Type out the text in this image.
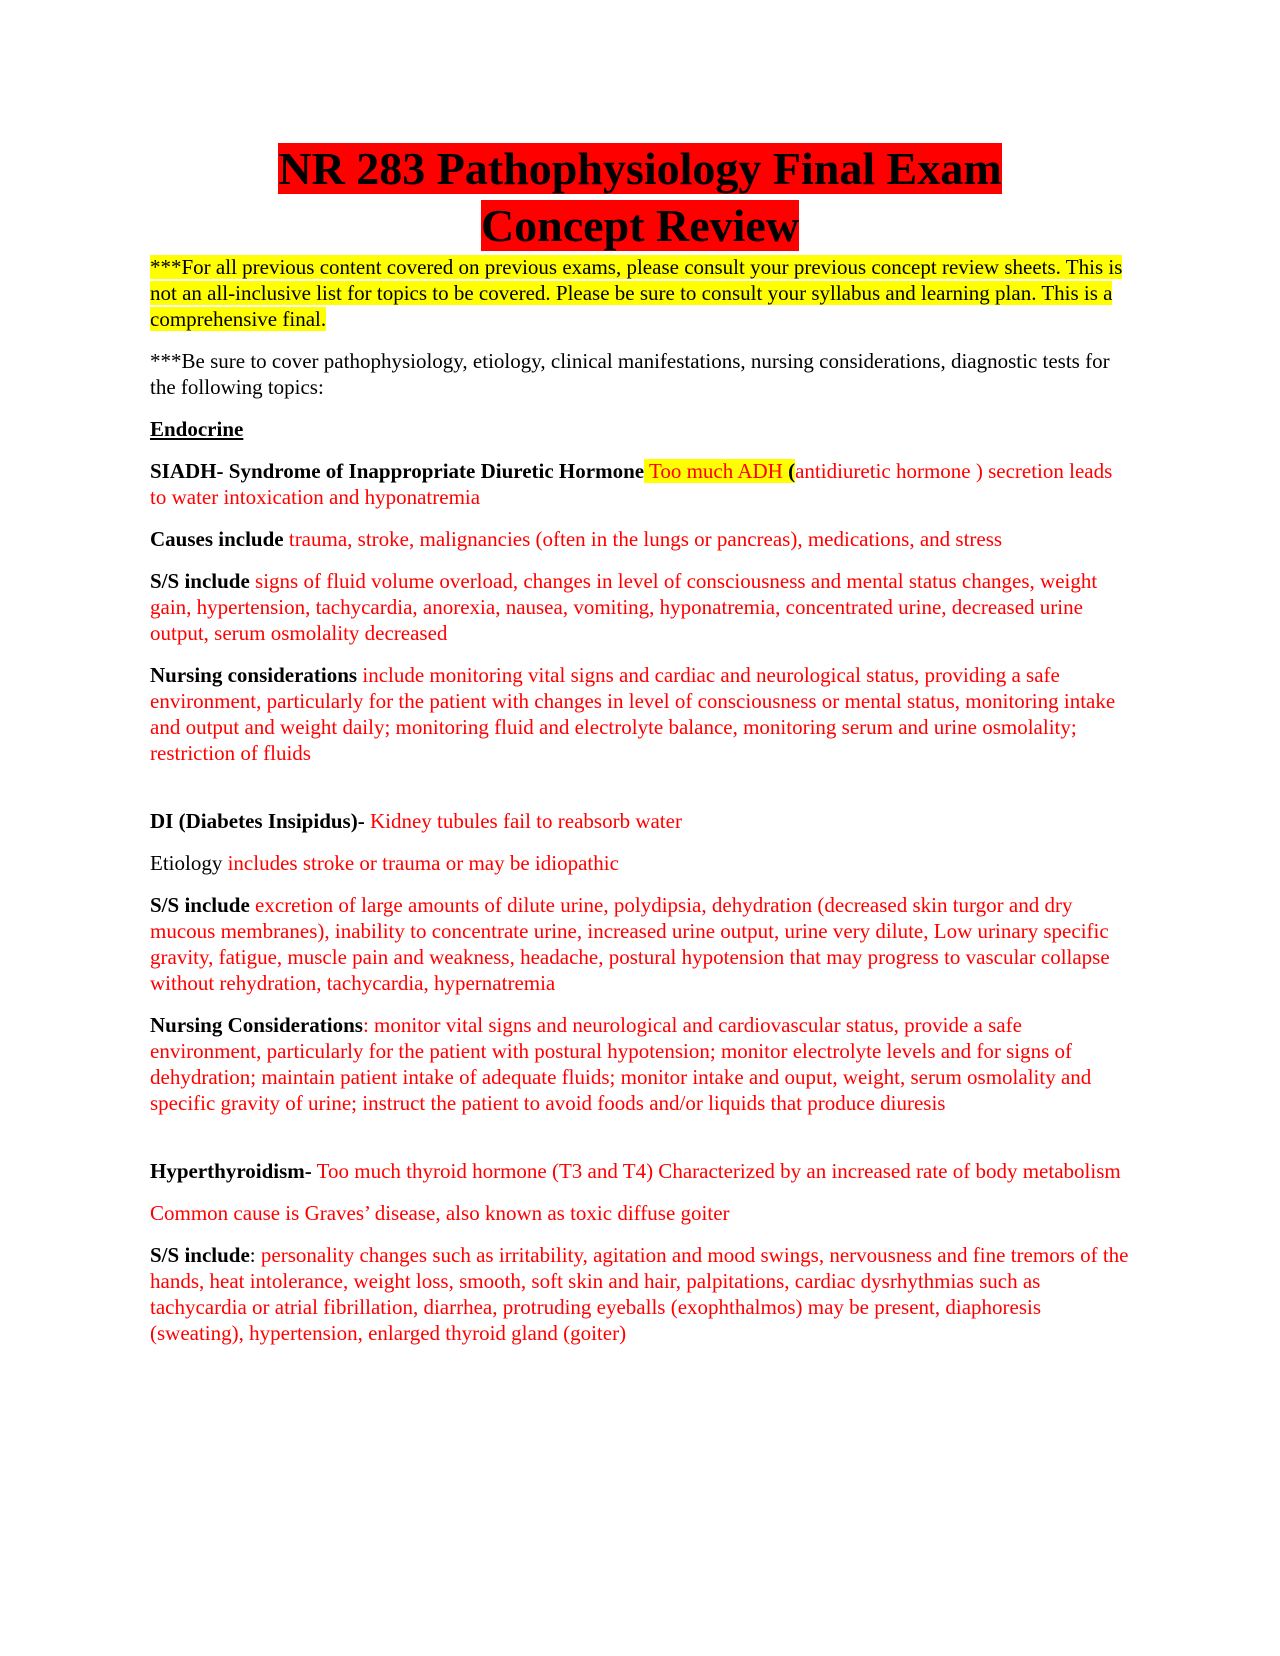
NR 283 Pathophysiology Final Exam
Concept Review

***For all previous content covered on previous exams, please consult your previous concept review sheets. This is not an all-inclusive list for topics to be covered. Please be sure to consult your syllabus and learning plan. This is a comprehensive final.

***Be sure to cover pathophysiology, etiology, clinical manifestations, nursing considerations, diagnostic tests for the following topics:

Endocrine

SIADH- Syndrome of Inappropriate Diuretic Hormone Too much ADH (antidiuretic hormone ) secretion leads to water intoxication and hyponatremia

Causes include trauma, stroke, malignancies (often in the lungs or pancreas), medications, and stress

S/S include signs of fluid volume overload, changes in level of consciousness and mental status changes, weight gain, hypertension, tachycardia, anorexia, nausea, vomiting, hyponatremia, concentrated urine, decreased urine output, serum osmolality decreased

Nursing considerations include monitoring vital signs and cardiac and neurological status, providing a safe environment, particularly for the patient with changes in level of consciousness or mental status, monitoring intake and output and weight daily; monitoring fluid and electrolyte balance, monitoring serum and urine osmolality; restriction of fluids

DI (Diabetes Insipidus)- Kidney tubules fail to reabsorb water

Etiology includes stroke or trauma or may be idiopathic

S/S include excretion of large amounts of dilute urine, polydipsia, dehydration (decreased skin turgor and dry mucous membranes), inability to concentrate urine, increased urine output, urine very dilute, Low urinary specific gravity, fatigue, muscle pain and weakness, headache, postural hypotension that may progress to vascular collapse without rehydration, tachycardia, hypernatremia

Nursing Considerations: monitor vital signs and neurological and cardiovascular status, provide a safe environment, particularly for the patient with postural hypotension; monitor electrolyte levels and for signs of dehydration; maintain patient intake of adequate fluids; monitor intake and ouput, weight, serum osmolality and specific gravity of urine; instruct the patient to avoid foods and/or liquids that produce diuresis

Hyperthyroidism- Too much thyroid hormone (T3 and T4) Characterized by an increased rate of body metabolism

Common cause is Graves’ disease, also known as toxic diffuse goiter

S/S include: personality changes such as irritability, agitation and mood swings, nervousness and fine tremors of the hands, heat intolerance, weight loss, smooth, soft skin and hair, palpitations, cardiac dysrhythmias such as tachycardia or atrial fibrillation, diarrhea, protruding eyeballs (exophthalmos) may be present, diaphoresis (sweating), hypertension, enlarged thyroid gland (goiter)
